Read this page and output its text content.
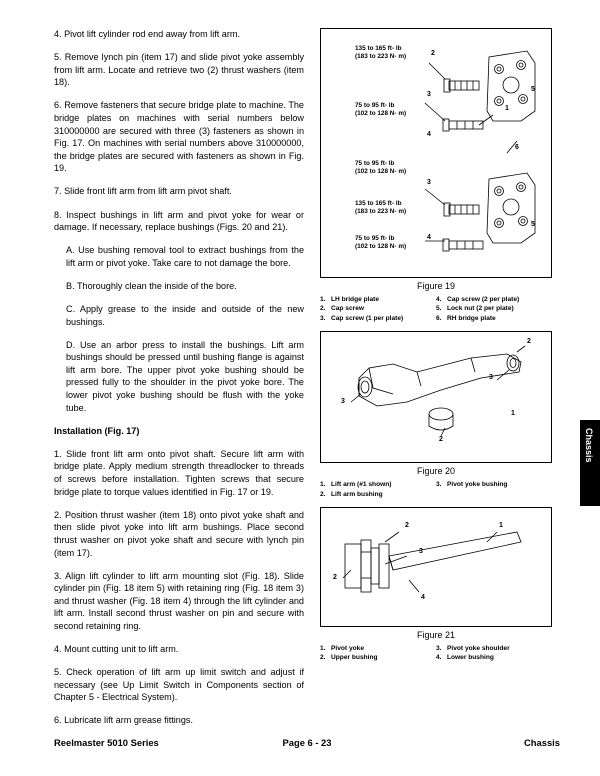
4. Pivot lift cylinder rod end away from lift arm.

5. Remove lynch pin (item 17) and slide pivot yoke assembly from lift arm. Locate and retrieve two (2) thrust washers (item 18).

6. Remove fasteners that secure bridge plate to machine. The bridge plates on machines with serial numbers below 310000000 are secured with three (3) fasteners as shown in Fig. 17. On machines with serial numbers above 310000000, the bridge plates are secured with fasteners as shown in Fig. 19.

7. Slide front lift arm from lift arm pivot shaft.

8. Inspect bushings in lift arm and pivot yoke for wear or damage. If necessary, replace bushings (Figs. 20 and 21).

A. Use bushing removal tool to extract bushings from the lift arm or pivot yoke. Take care to not damage the bore.

B. Thoroughly clean the inside of the bore.

C. Apply grease to the inside and outside of the new bushings.

D. Use an arbor press to install the bushings. Lift arm bushings should be pressed until bushing flange is against lift arm bore. The upper pivot yoke bushing should be pressed fully to the shoulder in the pivot yoke bore. The lower pivot yoke bushing should be flush with the yoke tube.

Installation (Fig. 17)

1. Slide front lift arm onto pivot shaft. Secure lift arm with bridge plate. Apply medium strength threadlocker to threads of screws before installation. Tighten screws that secure bridge plate to torque values identified in Fig. 17 or 19.

2. Position thrust washer (item 18) onto pivot yoke shaft and then slide pivot yoke into lift arm bushings. Place second thrust washer on pivot yoke shaft and secure with lynch pin (item 17).

3. Align lift cylinder to lift arm mounting slot (Fig. 18). Slide cylinder pin (Fig. 18 item 5) with retaining ring (Fig. 18 item 3) and thrust washer (Fig. 18 item 4) through the lift cylinder and lift arm. Install second thrust washer on pin and secure with second retaining ring.

4. Mount cutting unit to lift arm.

5. Check operation of lift arm up limit switch and adjust if necessary (see Up Limit Switch in Components section of Chapter 5 - Electrical System).

6. Lubricate lift arm grease fittings.

135 to 165 ft- lb
(183 to 223 N- m)
75 to 95 ft- lb
(102 to 128 N- m)
75 to 95 ft- lb
(102 to 128 N- m)
135 to 165 ft- lb
(183 to 223 N- m)
75 to 95 ft- lb
(102 to 128 N- m)
2
3
4
3
4
1
5
5
6
Figure 19
1. LH bridge plate
2. Cap screw
3. Cap screw (1 per plate)
4. Cap screw (2 per plate)
5. Lock nut (2 per plate)
6. RH bridge plate
2
3
3
2
1
Figure 20
1. Lift arm (#1 shown)
2. Lift arm bushing
3. Pivot yoke bushing
2	1
3
2
4
Figure 21
1. Pivot yoke
2. Upper bushing
3. Pivot yoke shoulder
4. Lower bushing
Chassis
Reelmaster 5010 Series	Page 6 - 23	Chassis
